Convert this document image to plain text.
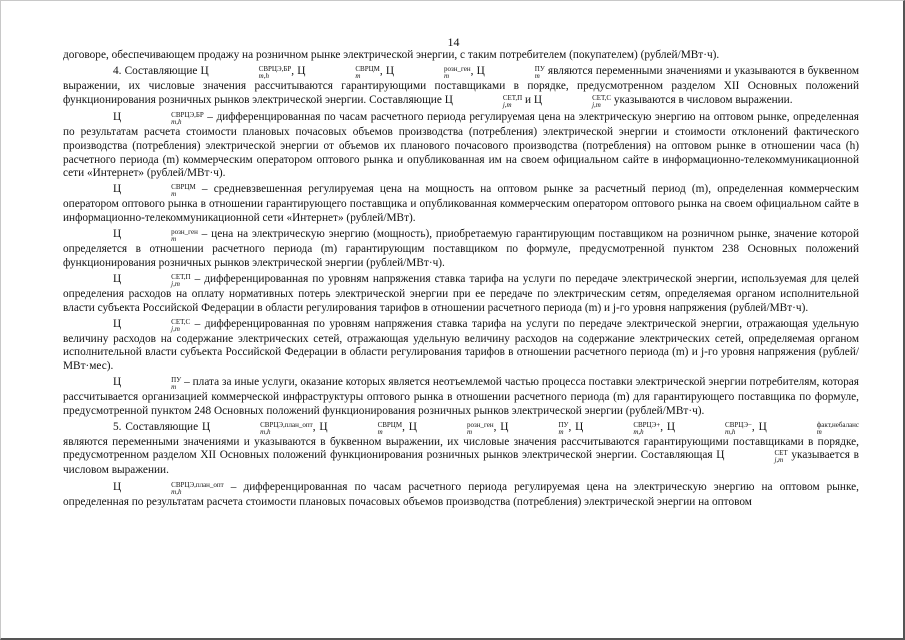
14

договоре, обеспечивающем продажу на розничном рынке электрической энергии, с таким потребителем (покупателем) (рублей/МВт·ч).

4. Составляющие Ц	СВРЦЭ,БР
m,h	, Ц	СВРЦМ
m	, Ц	розн_ген
m	, Ц	ПУ
m являются переменными значениями и указываются в буквенном выражении, их числовые значения рассчитываются гарантирующими поставщиками в порядке, предусмотренном разделом XII Основных положений функционирования розничных рынков электрической энергии. Составляющие Ц	СЕТ,П
j,m и Ц	СЕТ,С
j,m указываются в числовом выражении.

Ц	СВРЦЭ,БР
m,h	– дифференцированная по часам расчетного периода регулируемая цена на электрическую энергию на оптовом рынке, определенная по результатам расчета стоимости плановых почасовых объемов производства (потребления) электрической энергии и стоимости отклонений фактического производства (потребления) электрической энергии от объемов их планового почасового производства (потребления) на оптовом рынке в отношении часа (h) расчетного периода (m) коммерческим оператором оптового рынка и опубликованная им на своем официальном сайте в информационно-телекоммуникационной сети «Интернет» (рублей/МВт·ч).

Ц	СВРЦМ
m	– средневзвешенная регулируемая цена на мощность на оптовом рынке за расчетный период (m), определенная коммерческим оператором оптового рынка в отношении гарантирующего поставщика и опубликованная коммерческим оператором оптового рынка на своем официальном сайте в информационно-телекоммуникационной сети «Интернет» (рублей/МВт).

Ц	розн_ген
m	– цена на электрическую энергию (мощность), приобретаемую гарантирующим поставщиком на розничном рынке, значение которой определяется в отношении расчетного периода (m) гарантирующим поставщиком по формуле, предусмотренной пунктом 238 Основных положений функционирования розничных рынков электрической энергии (рублей/МВт·ч).

Ц	СЕТ,П
j,m	– дифференцированная по уровням напряжения ставка тарифа на услуги по передаче электрической энергии, используемая для целей определения расходов на оплату нормативных потерь электрической энергии при ее передаче по электрическим сетям, определяемая органом исполнительной власти субъекта Российской Федерации в области регулирования тарифов в отношении расчетного периода (m) и j-го уровня напряжения (рублей/МВт·ч).

Ц	СЕТ,С
j,m	– дифференцированная по уровням напряжения ставка тарифа на услуги по передаче электрической энергии, отражающая удельную величину расходов на содержание электрических сетей, отражающая удельную величину расходов на содержание электрических сетей, определяемая органом исполнительной власти субъекта Российской Федерации в области регулирования тарифов в отношении расчетного периода (m) и j-го уровня напряжения (рублей/МВт·мес).

Ц	ПУ
m – плата за иные услуги, оказание которых является неотъемлемой частью процесса поставки электрической энергии потребителям, которая рассчитывается организацией коммерческой инфраструктуры оптового рынка в отношении расчетного периода (m) для гарантирующего поставщика по формуле, предусмотренной пунктом 248 Основных положений функционирования розничных рынков электрической энергии (рублей/МВт·ч).

5. Составляющие Ц	СВРЦЭ,план_опт
m,h	, Ц	СВРЦМ
m	, Ц	розн_ген
m	, Ц	ПУ
m , Ц	СВРЦЭ+
m,h	, Ц	СВРЦЭ−
m,h	, Ц	факт,небаланс
m
являются переменными значениями и указываются в буквенном выражении, их числовые значения рассчитываются гарантирующими поставщиками в порядке, предусмотренном разделом XII Основных положений функционирования розничных рынков электрической энергии. Составляющая Ц	СЕТ
j,m указывается в числовом выражении.

Ц	СВРЦЭ,план_опт
m,h	– дифференцированная по часам расчетного периода регулируемая цена на электрическую энергию на оптовом рынке, определенная по результатам расчета стоимости плановых почасовых объемов производства (потребления) электрической энергии на оптовом
